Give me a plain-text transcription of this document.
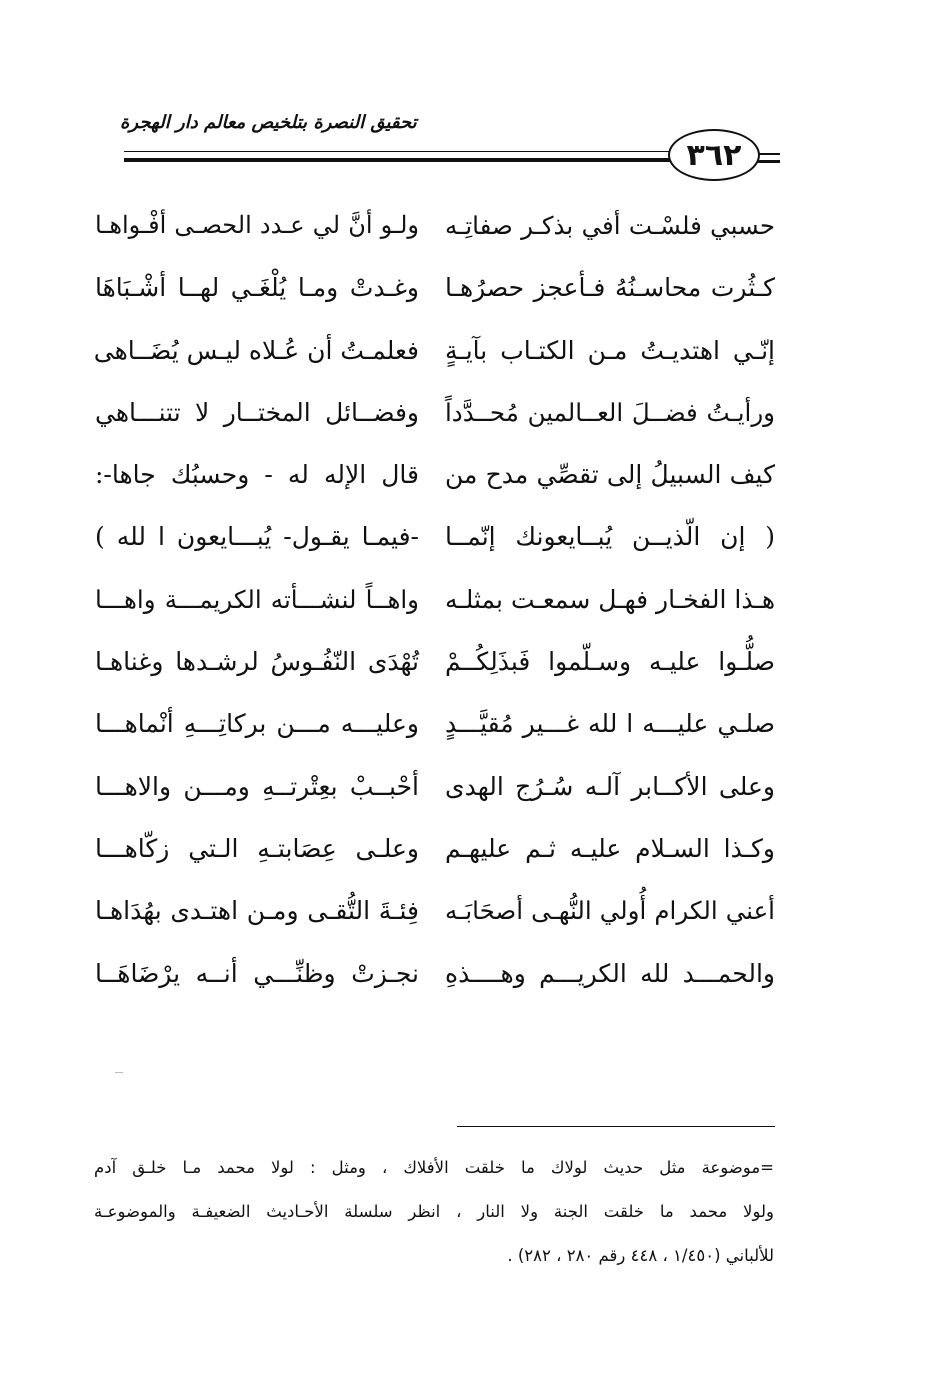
تحقيق النصرة بتلخيص معالم دار الهجرة
٣٦٢
حسبي فلسْـت أفي بذكـر صفاتِـه
ولـو أنَّ لي عـدد الحصـى أفْـواهـا
كـثُرت محاسـنُهُ فـأعجز حصرُهـا
وغـدتْ ومـا يُلْغَـي لهــا أشْـبَاهَا
إنّـي اهتديـتُ مـن الكتـاب بآيـةٍ
فعلمـتُ أن عُـلاه ليـس يُضَــاهى
ورأيـتُ فضــلَ العــالمين مُحــدَّداً
وفضــائل المختــار لا تتنـــاهي
كيف السبيلُ إلى تقصِّي مدح من
قال الإله له - وحسبُك جاها-:
( إن الّذيــن يُبــايعونك إنّمــا
-فيمـا يقـول- يُبـــايعون ا لله )
هـذا الفخـار فهـل سمعـت بمثلـه
واهــاً لنشـــأته الكريمـــة واهـــا
صلُّـوا عليـه وسـلّموا فَبذَلِكُــمْ
تُهْدَى النّفُـوسُ لرشـدها وغناهـا
صلـي عليـــه ا لله غـــير مُقيَّـــدٍ
وعليـــه مـــن بركاتِـــهِ أنْماهـــا
وعلى الأكــابر آلـه سُـرُج الهدى
أحْبــبْ بعِتْرتــهِ ومـــن والاهـــا
وكـذا السـلام عليـه ثـم عليهـم
وعلـى عِصَابتـهِ الـتي زكّاهـــا
أعني الكرام أُولي النُّهـى أصحَابَـه
فِئـةَ التُّقـى ومـن اهتـدى بهُدَاهـا
والحمـــد لله الكريـــم وهــــذهِ
نجـزتْ وظنِّـــي أنــه يرْضَاهَــا
=موضوعة مثل حديث لولاك ما خلقت الأفلاك ، ومثل : لولا محمد مـا خلـق آدم
ولولا محمد ما خلقت الجنة ولا النار ، انظر سلسلة الأحـاديث الضعيفـة والموضوعـة
للألباني (١/٤٥٠ ، ٤٤٨ رقم ٢٨٠ ، ٢٨٢) .
